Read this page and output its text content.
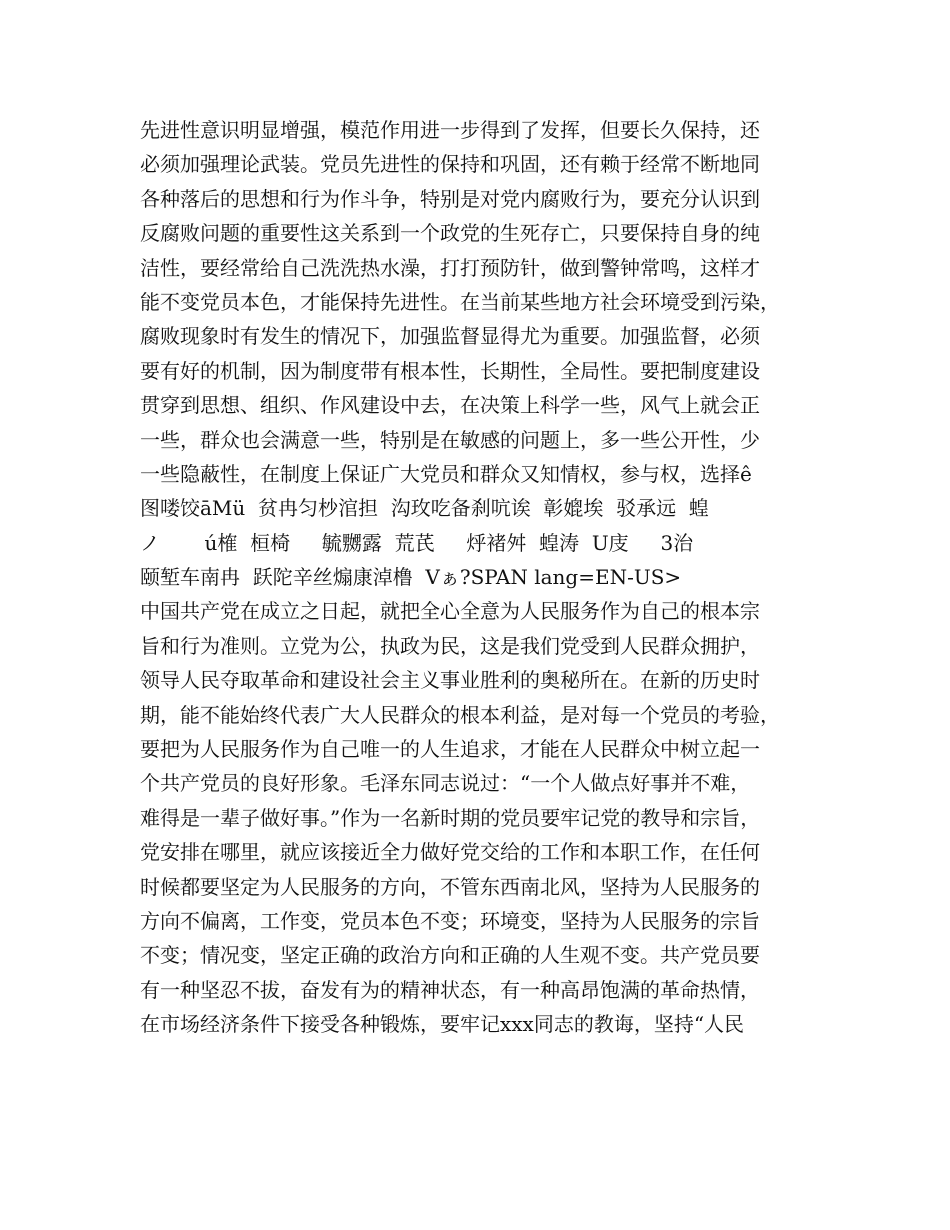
先进性意识明显增强，模范作用进一步得到了发挥，但要长久保持，还
必须加强理论武装。党员先进性的保持和巩固，还有赖于经常不断地同
各种落后的思想和行为作斗争，特别是对党内腐败行为，要充分认识到
反腐败问题的重要性这关系到一个政党的生死存亡，只要保持自身的纯
洁性，要经常给自己洗洗热水澡，打打预防针，做到警钟常鸣，这样才
能不变党员本色，才能保持先进性。在当前某些地方社会环境受到污染，
腐败现象时有发生的情况下，加强监督显得尤为重要。加强监督，必须
要有好的机制，因为制度带有根本性，长期性，全局性。要把制度建设
贯穿到思想、组织、作风建设中去，在决策上科学一些，风气上就会正
一些，群众也会满意一些，特别是在敏感的问题上，多一些公开性，少
一些隐蔽性，在制度上保证广大党员和群众又知情权，参与权，选择ê
图喽饺āMü  贫冉匀杪涫担  沟玫吃备刹吭诶  彰媲埃  驳承远  蝗
ノ       ú榷  桓椅     毓嬲露  荒芪     烀褚舛  蝗涛  U庋     3治
颐堑车南冉  跃陀辛丝煽康淖橹  Vぁ?SPAN lang=EN-US>
中国共产党在成立之日起，就把全心全意为人民服务作为自己的根本宗
旨和行为准则。立党为公，执政为民，这是我们党受到人民群众拥护，
领导人民夺取革命和建设社会主义事业胜利的奥秘所在。在新的历史时
期，能不能始终代表广大人民群众的根本利益，是对每一个党员的考验，
要把为人民服务作为自己唯一的人生追求，才能在人民群众中树立起一
个共产党员的良好形象。毛泽东同志说过：“一个人做点好事并不难，
难得是一辈子做好事。”作为一名新时期的党员要牢记党的教导和宗旨，
党安排在哪里，就应该接近全力做好党交给的工作和本职工作，在任何
时候都要坚定为人民服务的方向，不管东西南北风，坚持为人民服务的
方向不偏离，工作变，党员本色不变；环境变，坚持为人民服务的宗旨
不变；情况变，坚定正确的政治方向和正确的人生观不变。共产党员要
有一种坚忍不拔，奋发有为的精神状态，有一种高昂饱满的革命热情，
在市场经济条件下接受各种锻炼，要牢记xxx同志的教诲，坚持“人民
